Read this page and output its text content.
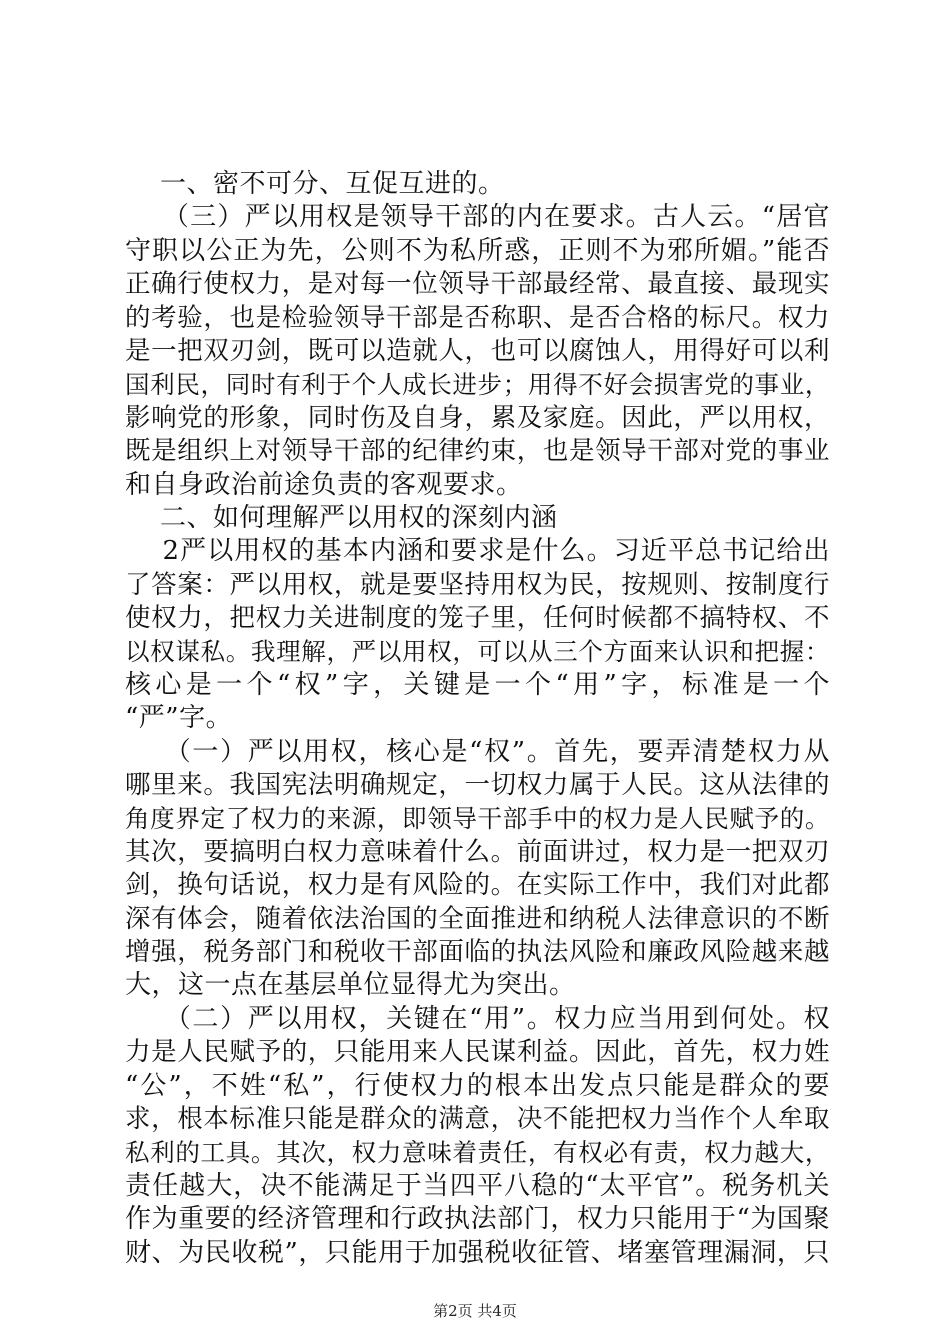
一、密不可分、互促互进的。
（三）严以用权是领导干部的内在要求。古人云。“居官
守职以公正为先，公则不为私所惑，正则不为邪所媚。”能否
正确行使权力，是对每一位领导干部最经常、最直接、最现实
的考验，也是检验领导干部是否称职、是否合格的标尺。权力
是一把双刃剑，既可以造就人，也可以腐蚀人，用得好可以利
国利民，同时有利于个人成长进步；用得不好会损害党的事业，
影响党的形象，同时伤及自身，累及家庭。因此，严以用权，
既是组织上对领导干部的纪律约束，也是领导干部对党的事业
和自身政治前途负责的客观要求。
二、如何理解严以用权的深刻内涵
2严以用权的基本内涵和要求是什么。习近平总书记给出
了答案：严以用权，就是要坚持用权为民，按规则、按制度行
使权力，把权力关进制度的笼子里，任何时候都不搞特权、不
以权谋私。我理解，严以用权，可以从三个方面来认识和把握：
核心是一个“权”字，关键是一个“用”字，标准是一个
“严”字。
（一）严以用权，核心是“权”。首先，要弄清楚权力从
哪里来。我国宪法明确规定，一切权力属于人民。这从法律的
角度界定了权力的来源，即领导干部手中的权力是人民赋予的。
其次，要搞明白权力意味着什么。前面讲过，权力是一把双刃
剑，换句话说，权力是有风险的。在实际工作中，我们对此都
深有体会，随着依法治国的全面推进和纳税人法律意识的不断
增强，税务部门和税收干部面临的执法风险和廉政风险越来越
大，这一点在基层单位显得尤为突出。
（二）严以用权，关键在“用”。权力应当用到何处。权
力是人民赋予的，只能用来人民谋利益。因此，首先，权力姓
“公”，不姓“私”，行使权力的根本出发点只能是群众的要
求，根本标准只能是群众的满意，决不能把权力当作个人牟取
私利的工具。其次，权力意味着责任，有权必有责，权力越大，
责任越大，决不能满足于当四平八稳的“太平官”。税务机关
作为重要的经济管理和行政执法部门，权力只能用于“为国聚
财、为民收税”，只能用于加强税收征管、堵塞管理漏洞，只
第2页 共4页
